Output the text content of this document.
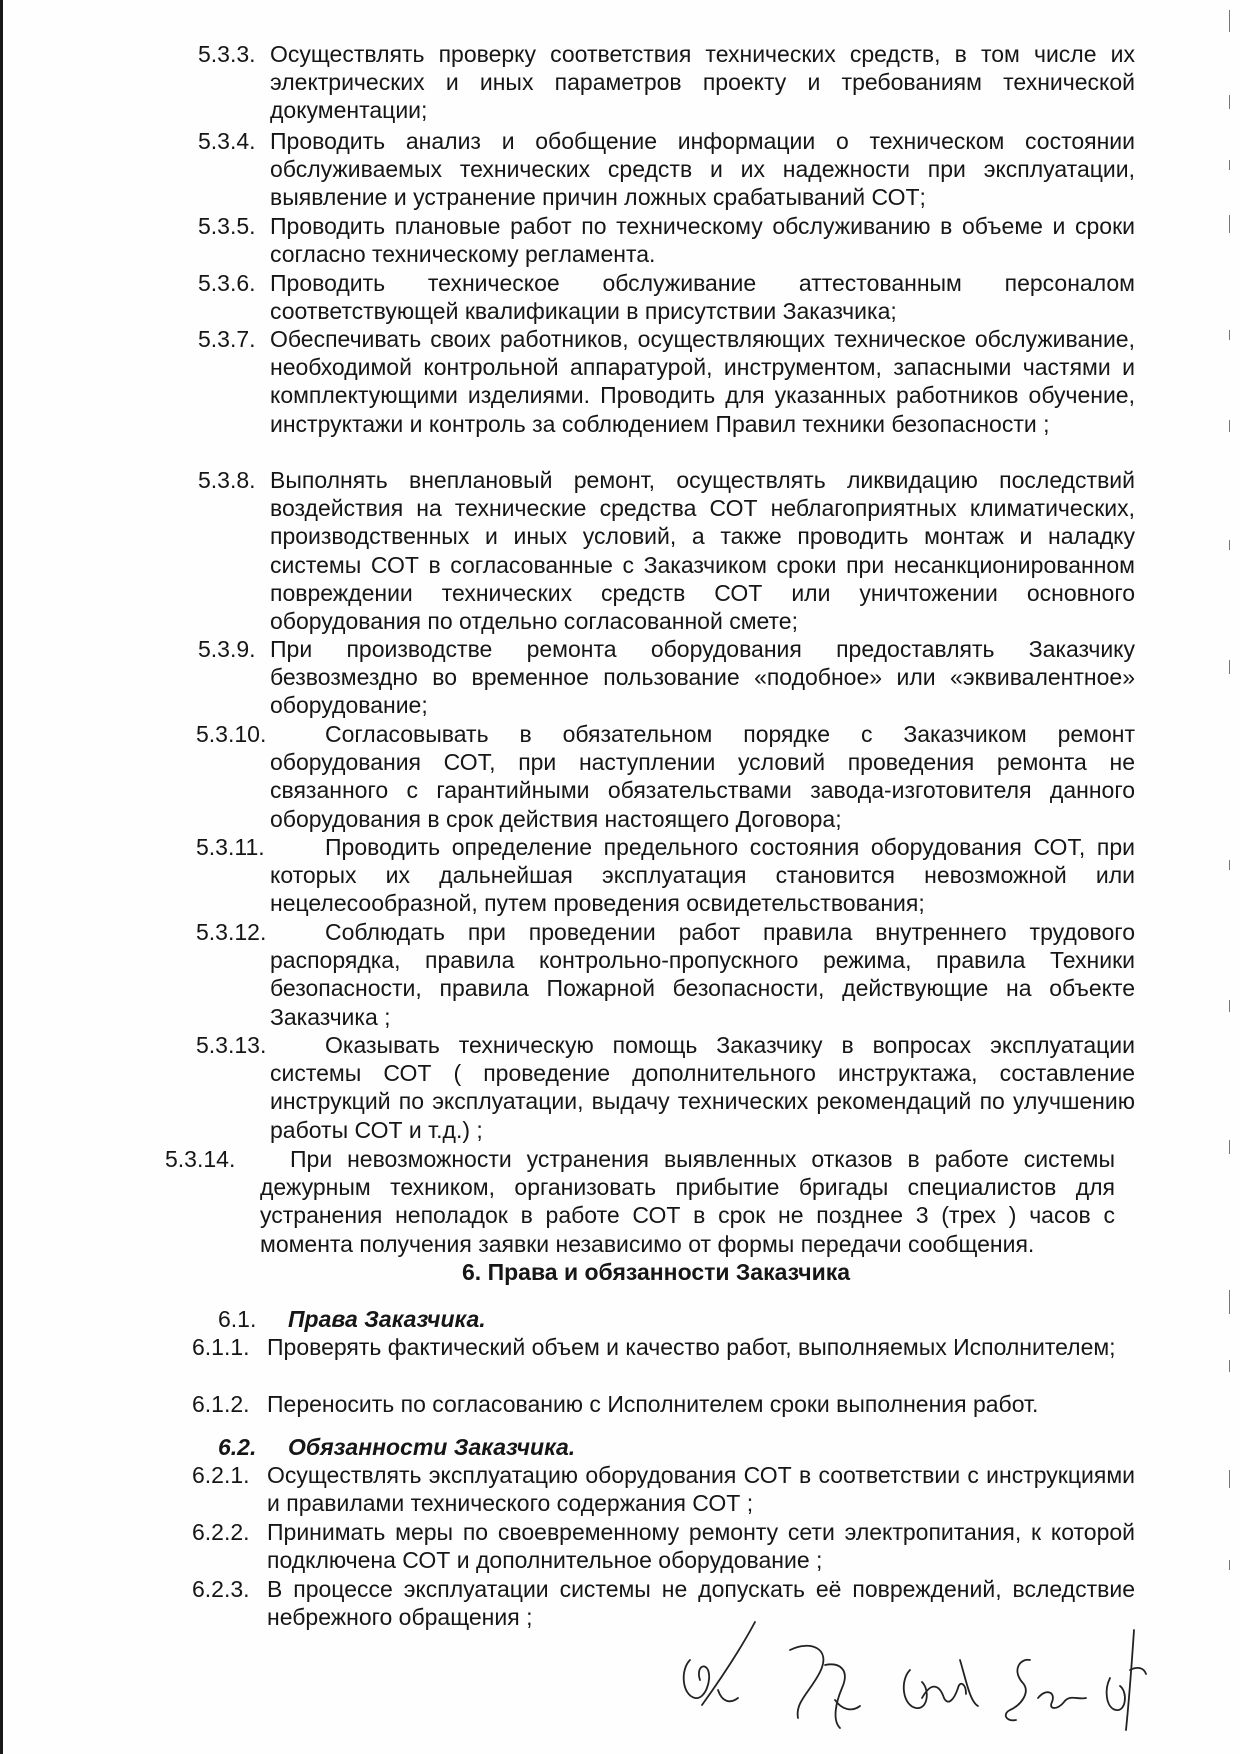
5.3.3. Осуществлять проверку соответствия технических средств, в том числе их электрических и иных параметров проекту и требованиям технической документации;
5.3.4. Проводить анализ и обобщение информации о техническом состоянии обслуживаемых технических средств и их надежности при эксплуатации, выявление и устранение причин ложных срабатываний СОТ;
5.3.5. Проводить плановые работ по техническому обслуживанию в объеме и сроки согласно техническому регламента.
5.3.6. Проводить техническое обслуживание аттестованным персоналом соответствующей квалификации в присутствии Заказчика;
5.3.7. Обеспечивать своих работников, осуществляющих техническое обслуживание, необходимой контрольной аппаратурой, инструментом, запасными частями и комплектующими изделиями. Проводить для указанных работников обучение, инструктажи и контроль за соблюдением Правил техники безопасности ;
5.3.8. Выполнять внеплановый ремонт, осуществлять ликвидацию последствий воздействия на технические средства СОТ неблагоприятных климатических, производственных и иных условий, а также проводить монтаж и наладку системы СОТ в согласованные с Заказчиком сроки при несанкционированном повреждении технических средств СОТ или уничтожении основного оборудования по отдельно согласованной смете;
5.3.9. При производстве ремонта оборудования предоставлять Заказчику безвозмездно во временное пользование «подобное» или «эквивалентное» оборудование;
5.3.10.	Согласовывать в обязательном порядке с Заказчиком ремонт оборудования СОТ, при наступлении условий проведения ремонта не связанного с гарантийными обязательствами завода-изготовителя данного оборудования в срок действия настоящего Договора;
5.3.11.	Проводить определение предельного состояния оборудования СОТ, при которых их дальнейшая эксплуатация становится невозможной или нецелесообразной, путем проведения освидетельствования;
5.3.12.	Соблюдать при проведении работ правила внутреннего трудового распорядка, правила контрольно-пропускного режима, правила Техники безопасности, правила Пожарной безопасности, действующие на объекте Заказчика ;
5.3.13.	Оказывать техническую помощь Заказчику в вопросах эксплуатации системы СОТ ( проведение дополнительного инструктажа, составление инструкций по эксплуатации, выдачу технических рекомендаций по улучшению работы СОТ и т.д.) ;
5.3.14.	При невозможности устранения выявленных отказов в работе системы дежурным техником, организовать прибытие бригады специалистов для устранения неполадок в работе СОТ в срок не позднее 3 (трех ) часов с момента получения заявки независимо от формы передачи сообщения.
6. Права и обязанности Заказчика
6.1. Права Заказчика.
6.1.1. Проверять фактический объем и качество работ, выполняемых Исполнителем;
6.1.2. Переносить по согласованию с Исполнителем сроки выполнения работ.
6.2. Обязанности Заказчика.
6.2.1. Осуществлять эксплуатацию оборудования СОТ в соответствии с инструкциями и правилами технического содержания СОТ ;
6.2.2. Принимать меры по своевременному ремонту сети электропитания, к которой подключена СОТ и дополнительное оборудование ;
6.2.3. В процессе эксплуатации системы не допускать её повреждений, вследствие небрежного обращения ;
